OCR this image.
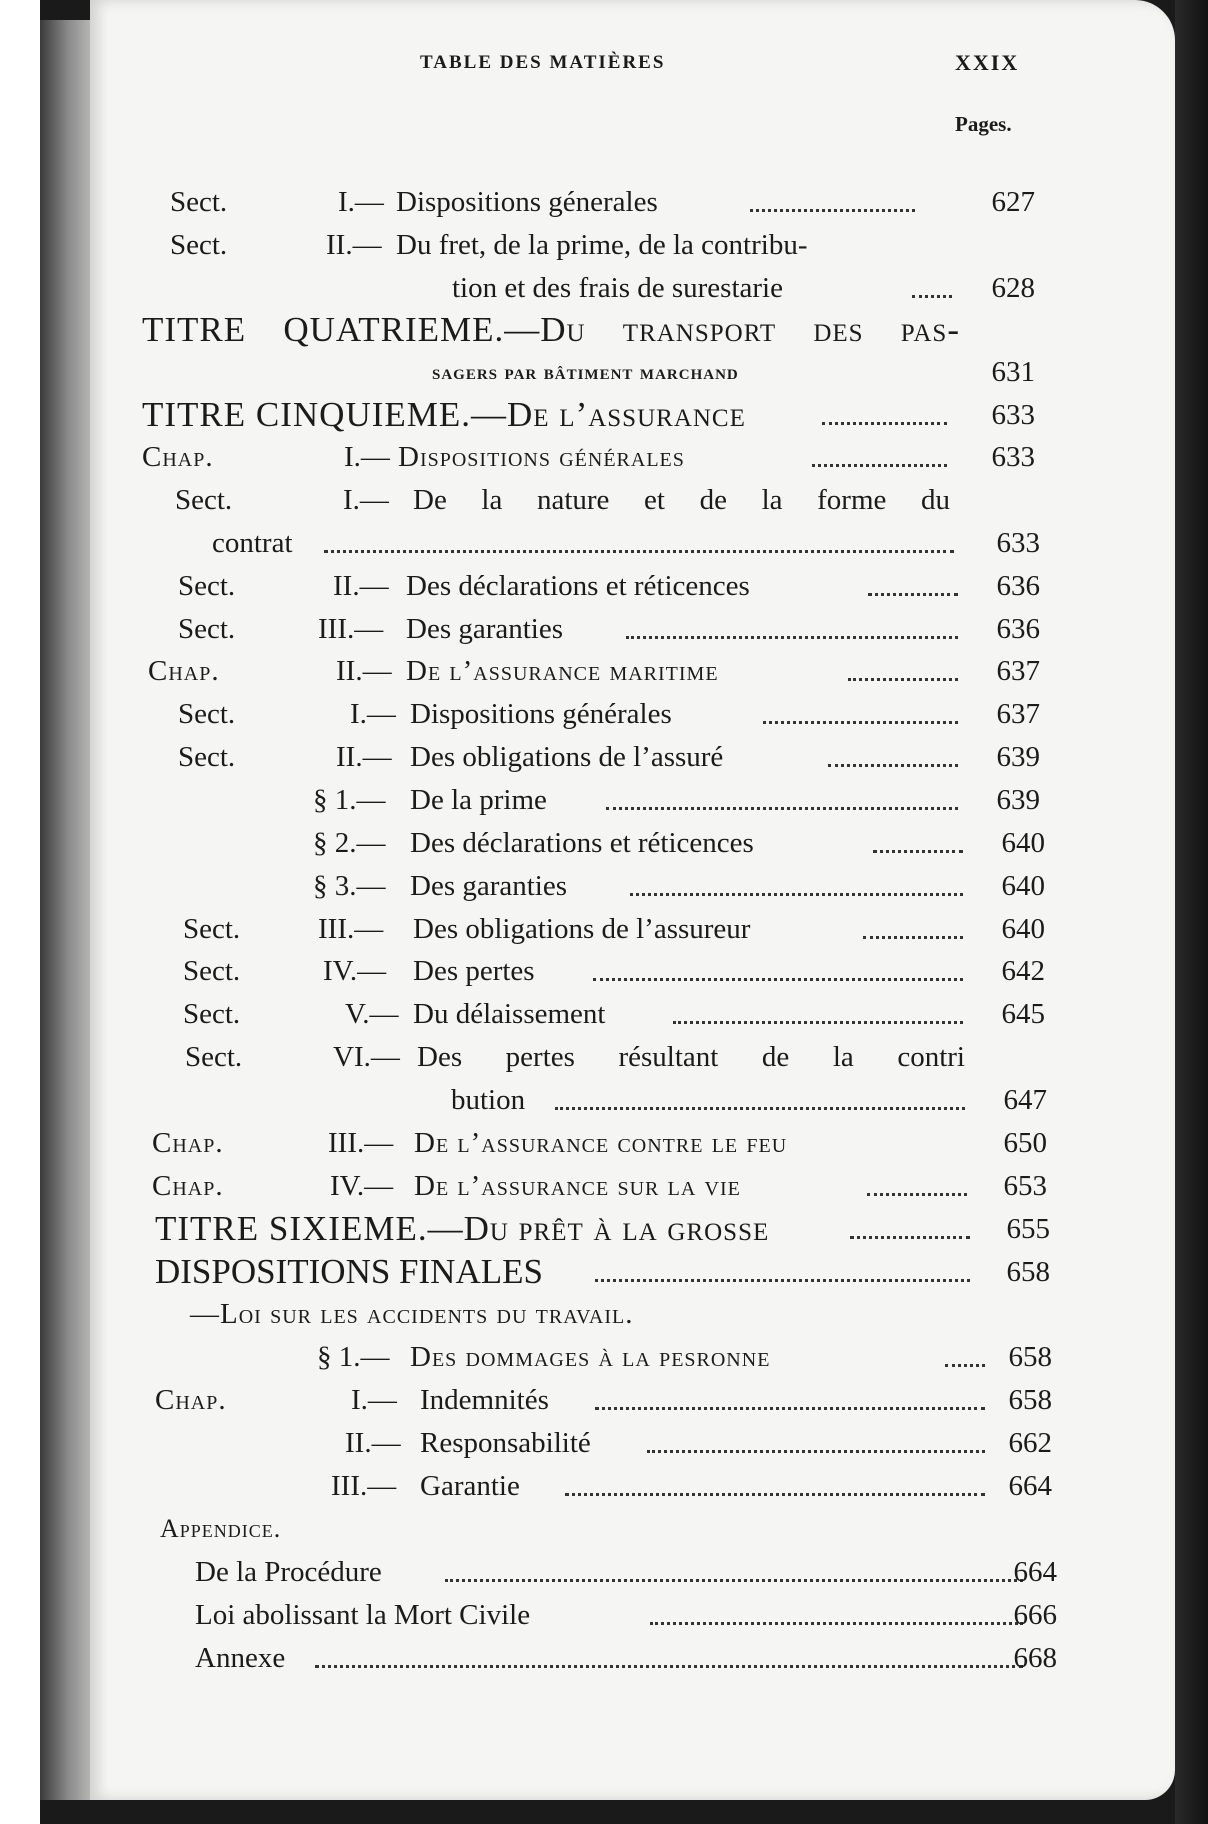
TABLE DES MATIÈRES	XXIX
Pages.
Sect.	I.— Dispositions génerales	627
Sect.	II.— Du fret, de la prime, de la contribu-
tion et des frais de surestarie	628
TITRE QUATRIEME.—Du transport des pas-
sagers par bâtiment marchand	631
TITRE CINQUIEME.—De l’assurance	633
Chap.	I.— Dispositions générales	633
Sect.	I.— De la nature et de la forme du
contrat	633
Sect.	II.— Des déclarations et réticences	636
Sect.	III.— Des garanties	636
Chap.	II.— De l’assurance maritime	637
Sect.	I.— Dispositions générales	637
Sect.	II.— Des obligations de l’assuré	639
§ 1.— De la prime	639
§ 2.— Des déclarations et réticences	640
§ 3.— Des garanties	640
Sect.	III.— Des obligations de l’assureur	640
Sect.	IV.— Des pertes	642
Sect.	V.— Du délaissement	645
Sect.	VI.— Des pertes résultant de la contri
bution	647
Chap.	III.— De l’assurance contre le feu	650
Chap.	IV.— De l’assurance sur la vie	653
TITRE SIXIEME.—Du prêt à la grosse	655
DISPOSITIONS FINALES	658
—Loi sur les accidents du travail.
§ 1.— Des dommages à la pesronne	658
Chap.	I.— Indemnités	658
II.— Responsabilité	662
III.— Garantie	664
Appendice.
De la Procédure	664
Loi abolissant la Mort Civile	666
Annexe	668
